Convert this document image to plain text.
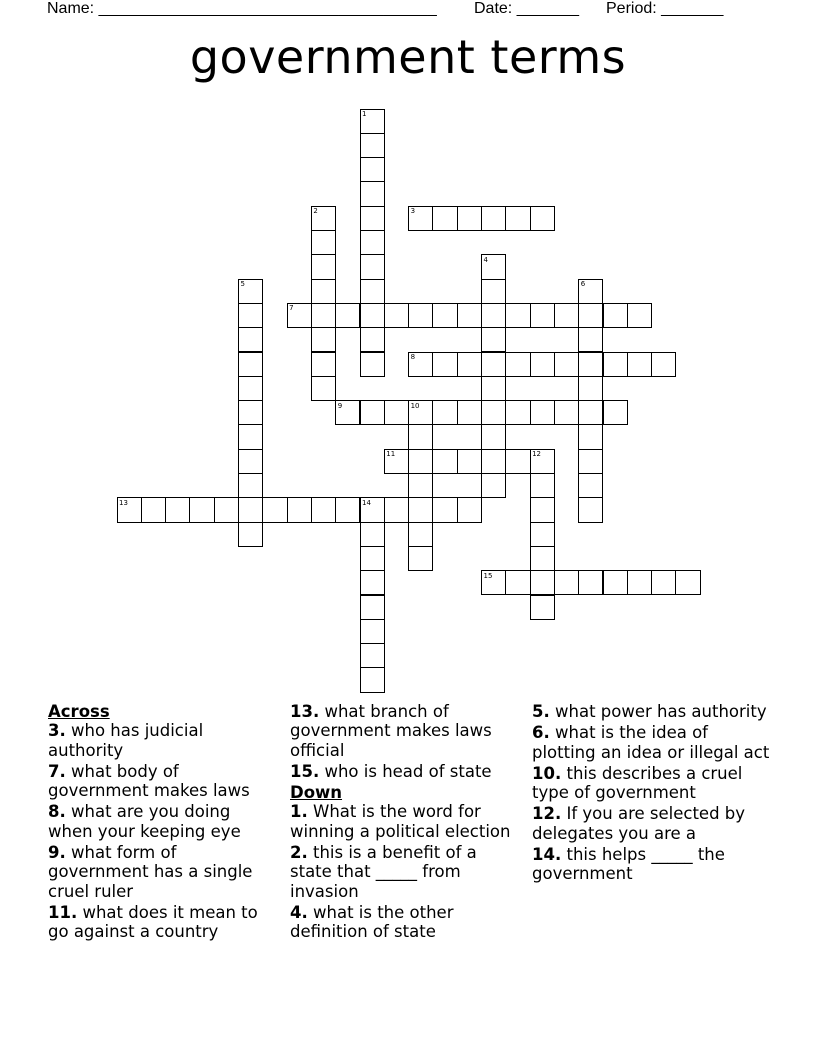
Name: ______________________________________ Date: _______ Period: _______
government terms
1
2	3
4
5	6
7
8
9	10
11	12
13	14
15
Across
3. who has judicial authority
7. what body of government makes laws
8. what are you doing when your keeping eye
9. what form of government has a single cruel ruler
11. what does it mean to go against a country
13. what branch of government makes laws official
15. who is head of state
Down
1. What is the word for winning a political election
2. this is a benefit of a state that _____ from invasion
4. what is the other definition of state
5. what power has authority
6. what is the idea of plotting an idea or illegal act
10. this describes a cruel type of government
12. If you are selected by delegates you are a
14. this helps _____ the government
